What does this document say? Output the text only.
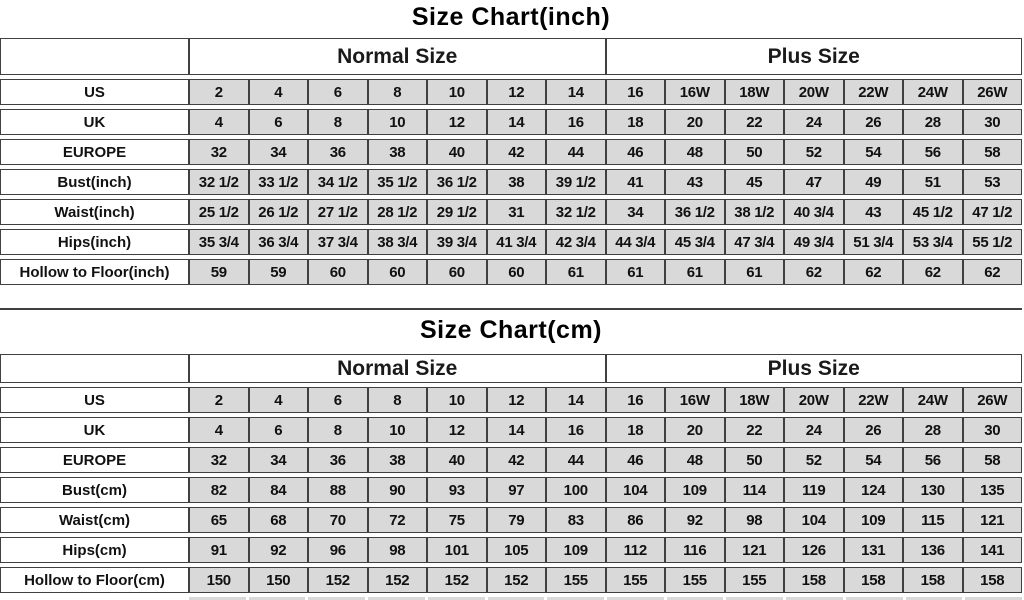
Size Chart(inch)
	Normal Size							Plus Size						
US	2	4	6	8	10	12	14	16	16W	18W	20W	22W	24W	26W
UK	4	6	8	10	12	14	16	18	20	22	24	26	28	30
EUROPE	32	34	36	38	40	42	44	46	48	50	52	54	56	58
Bust(inch)	32 1/2	33 1/2	34 1/2	35 1/2	36 1/2	38	39 1/2	41	43	45	47	49	51	53
Waist(inch)	25 1/2	26 1/2	27 1/2	28 1/2	29 1/2	31	32 1/2	34	36 1/2	38 1/2	40 3/4	43	45 1/2	47 1/2
Hips(inch)	35 3/4	36 3/4	37 3/4	38 3/4	39 3/4	41 3/4	42 3/4	44 3/4	45 3/4	47 3/4	49 3/4	51 3/4	53 3/4	55 1/2
Hollow to Floor(inch)	59	59	60	60	60	60	61	61	61	61	62	62	62	62
Size Chart(cm)
	Normal Size							Plus Size						
US	2	4	6	8	10	12	14	16	16W	18W	20W	22W	24W	26W
UK	4	6	8	10	12	14	16	18	20	22	24	26	28	30
EUROPE	32	34	36	38	40	42	44	46	48	50	52	54	56	58
Bust(cm)	82	84	88	90	93	97	100	104	109	114	119	124	130	135
Waist(cm)	65	68	70	72	75	79	83	86	92	98	104	109	115	121
Hips(cm)	91	92	96	98	101	105	109	112	116	121	126	131	136	141
Hollow to Floor(cm)	150	150	152	152	152	152	155	155	155	155	158	158	158	158
